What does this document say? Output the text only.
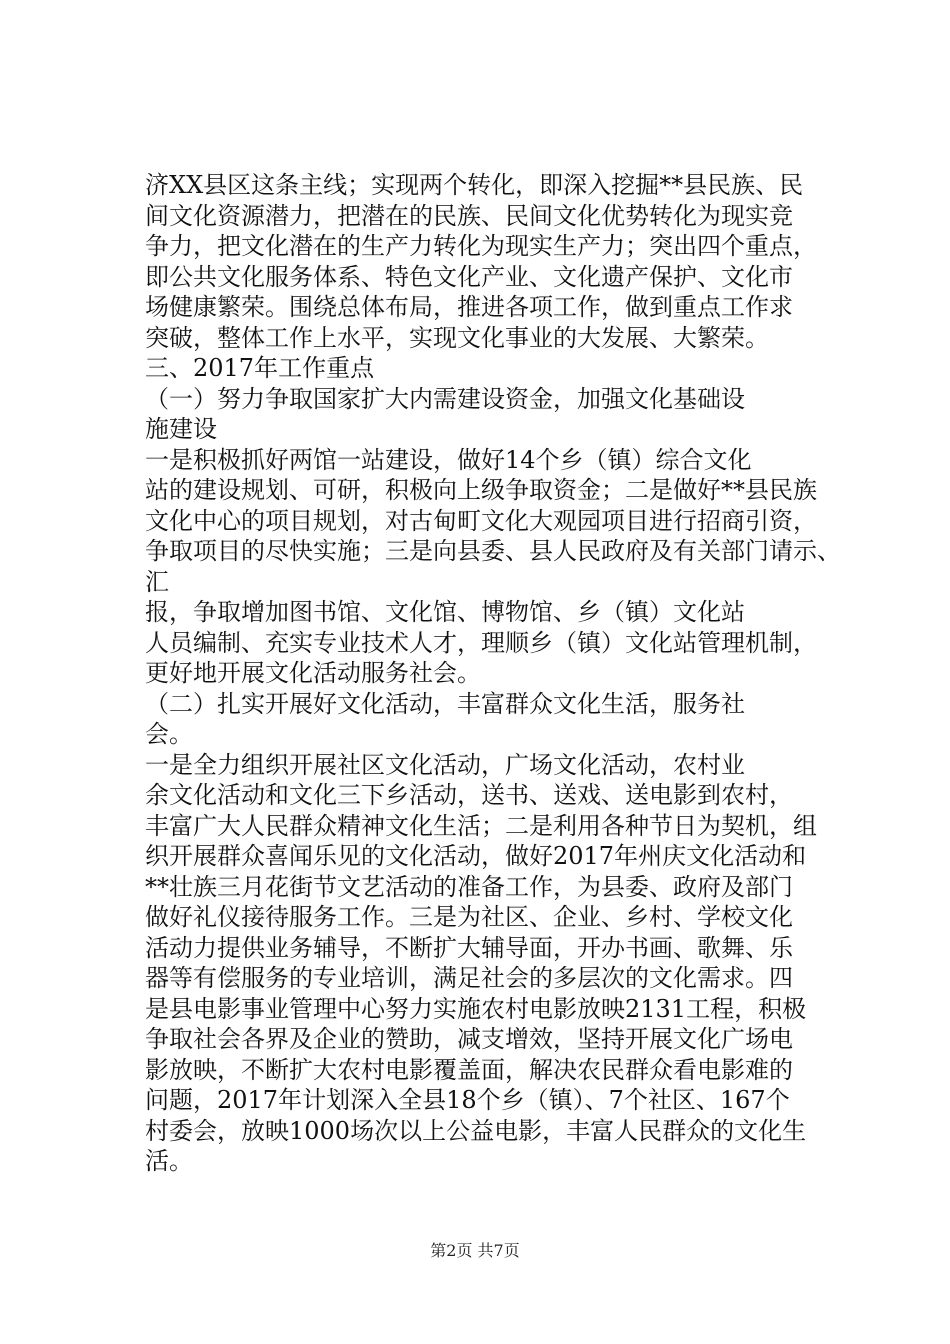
济XX县区这条主线；实现两个转化，即深入挖掘**县民族、民
间文化资源潜力，把潜在的民族、民间文化优势转化为现实竞
争力，把文化潜在的生产力转化为现实生产力；突出四个重点，
即公共文化服务体系、特色文化产业、文化遗产保护、文化市
场健康繁荣。围绕总体布局，推进各项工作，做到重点工作求
突破，整体工作上水平，实现文化事业的大发展、大繁荣。
三、2017年工作重点
（一）努力争取国家扩大内需建设资金，加强文化基础设
施建设
一是积极抓好两馆一站建设，做好14个乡（镇）综合文化
站的建设规划、可研，积极向上级争取资金；二是做好**县民族
文化中心的项目规划，对古甸町文化大观园项目进行招商引资，
争取项目的尽快实施；三是向县委、县人民政府及有关部门请示、
汇
报，争取增加图书馆、文化馆、博物馆、乡（镇）文化站
人员编制、充实专业技术人才，理顺乡（镇）文化站管理机制，
更好地开展文化活动服务社会。
（二）扎实开展好文化活动，丰富群众文化生活，服务社
会。
一是全力组织开展社区文化活动，广场文化活动，农村业
余文化活动和文化三下乡活动，送书、送戏、送电影到农村，
丰富广大人民群众精神文化生活；二是利用各种节日为契机，组
织开展群众喜闻乐见的文化活动，做好2017年州庆文化活动和
**壮族三月花街节文艺活动的准备工作，为县委、政府及部门
做好礼仪接待服务工作。三是为社区、企业、乡村、学校文化
活动力提供业务辅导，不断扩大辅导面，开办书画、歌舞、乐
器等有偿服务的专业培训，满足社会的多层次的文化需求。四
是县电影事业管理中心努力实施农村电影放映2131工程，积极
争取社会各界及企业的赞助，减支增效，坚持开展文化广场电
影放映，不断扩大农村电影覆盖面，解决农民群众看电影难的
问题，2017年计划深入全县18个乡（镇）、7个社区、167个
村委会，放映1000场次以上公益电影，丰富人民群众的文化生
活。
第2页 共7页
